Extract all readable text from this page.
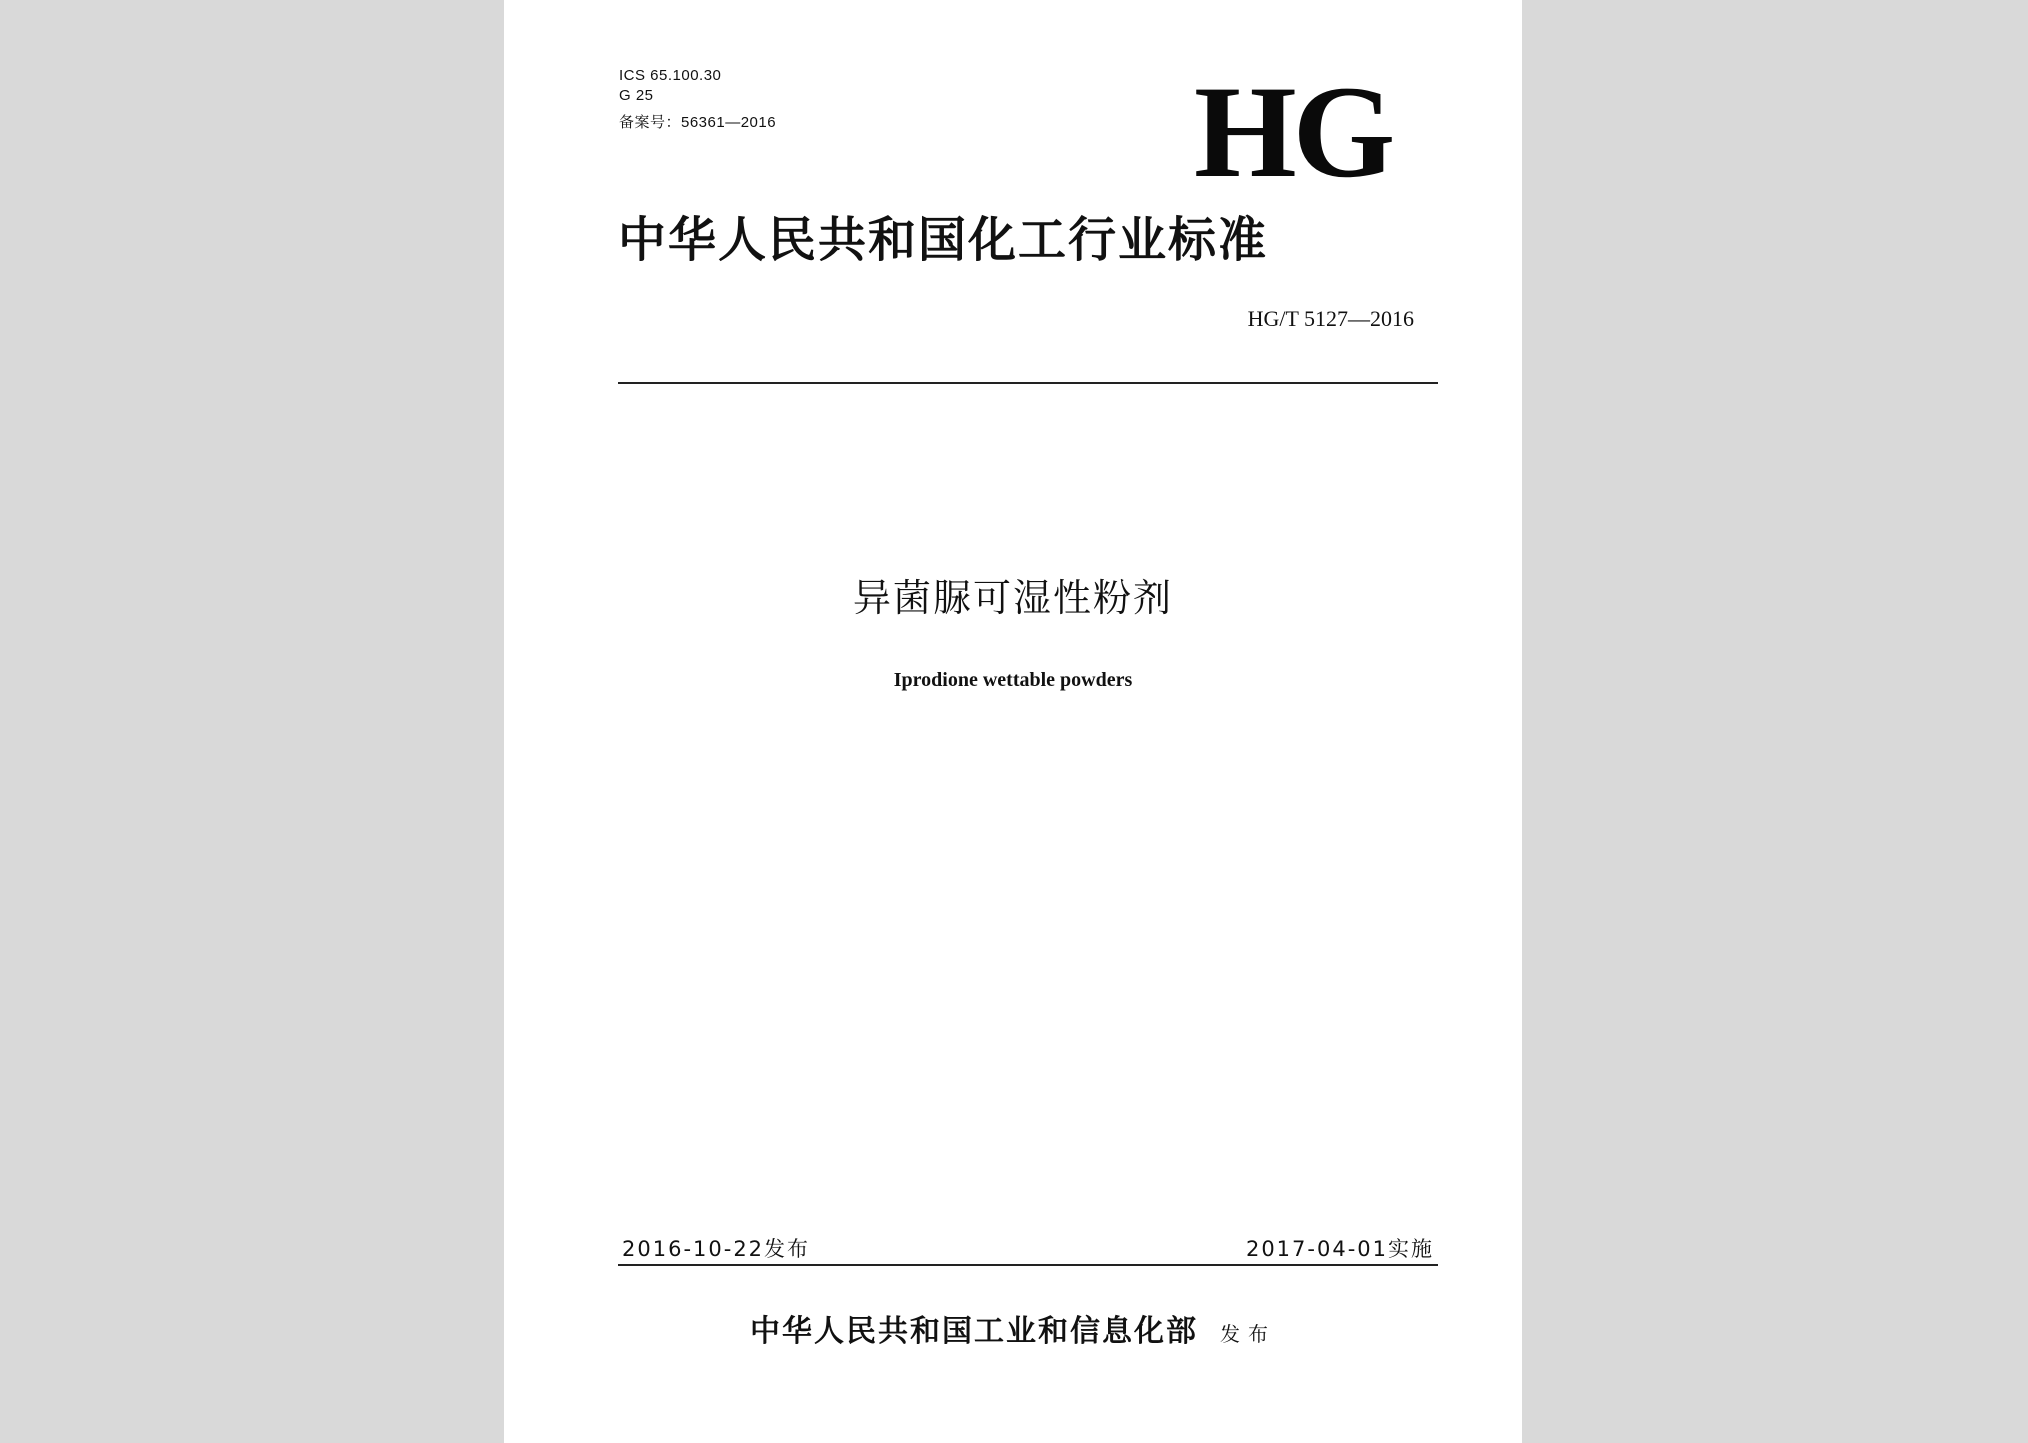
ICS 65.100.30
G 25
备案号：56361—2016	HG
中华人民共和国化工行业标准
HG/T 5127—2016
异菌脲可湿性粉剂
Iprodione wettable powders
2016-10-22发布	2017-04-01实施
中华人民共和国工业和信息化部 发布
